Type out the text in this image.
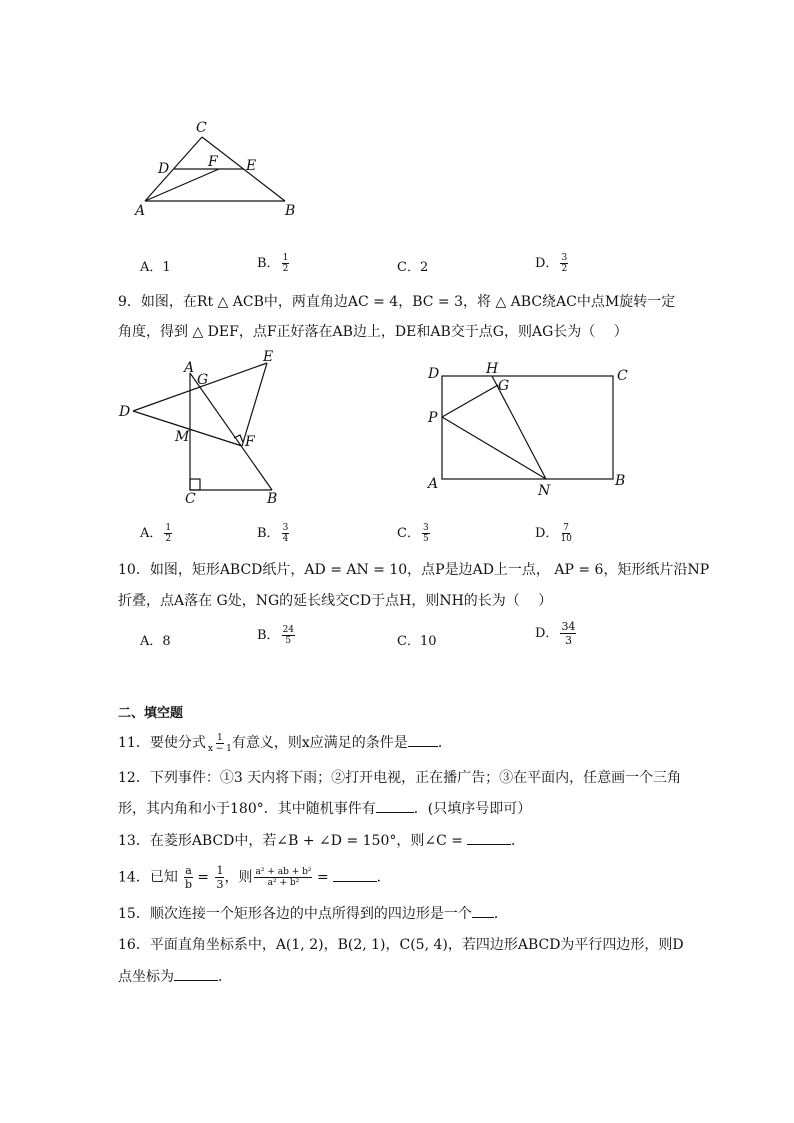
C
D	F E
A	B
A．1	B． $\frac{1}{2}$	C．2	D． $\frac{3}{2}$
9．如图，在Rt △ ACB中，两直角边AC = 4，BC = 3，将 △ ABC绕AC中点M旋转一定
角度，得到 △ DEF，点F正好落在AB边上，DE和AB交于点G，则AG长为（　 ）
A
G
E
D
M	F
C	B
D	H
G
C
P
A	N
B
A． $\frac{1}{2}$	B． $\frac{3}{4}$	C． $\frac{3}{5}$	D． $\frac{7}{10}$
10．如图，矩形ABCD纸片，AD = AN = 10，点P是边AD上一点， AP = 6，矩形纸片沿NP
折叠，点A落在 G处，NG的延长线交CD于点H，则NH的长为（　 ）
A．8	B． $\frac{24}{5}$	C．10
D． $\frac{34}{3}$
二、填空题
11．要使分式 $\frac{1}{x - 1}$ 有意义，则x应满足的条件是 ．
12．下列事件：①3 天内将下雨；②打开电视，正在播广告；③在平面内，任意画一个三角
形，其内角和小于180°．其中随机事件有	．(只填序号即可）
13．在菱形ABCD中，若∠B + ∠D = 150°，则∠C =	．
14．已知 $\frac{a}{b} = \frac{1}{3}$ ，则 $\frac{\text{a² + ab + b²}}{\text{a² + b²}}$ =	．
15．顺次连接一个矩形各边的中点所得到的四边形是一个 ．
16．平面直角坐标系中，A(1, 2)，B(2, 1)，C(5, 4)，若四边形ABCD为平行四边形，则D
点坐标为	．
